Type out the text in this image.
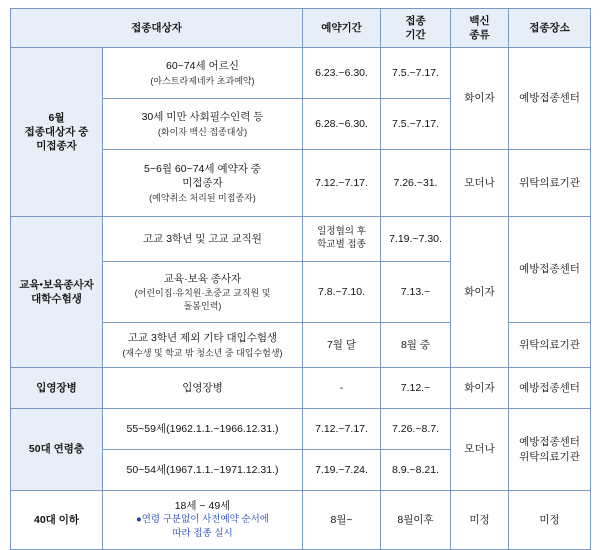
접종대상자		예약기간	접종
기간	백신
종류	접종장소

6월
접종대상자 중
미접종자	60~74세 어르신
(아스트라제네카 초과예약)	6.23.~6.30.	7.5.~7.17.	화이자	예방접종센터

	30세 미만 사회필수인력 등
(화이자 백신 접종대상)	6.28.~6.30.	7.5.~7.17.		

	5~6월 60~74세 예약자 중
미접종자
(예약취소 처리된 미접종자)	7.12.~7.17.	7.26.~31.	모더나	위탁의료기관

교육‧보육종사자
대학수험생	고교 3학년 및 고교 교직원	일정협의 후
학교별 접종	7.19.~7.30.	화이자	예방접종센터

	교육·보육 종사자
(어린이집·유치원·초중교 교직원 및
돌봄인력)	7.8.~7.10.	7.13.~		

	고교 3학년 제외 기타 대입수험생
(재수생 및 학교 밖 청소년 중 대입수험생)	7월 달	8월 중		위탁의료기관

입영장병	입영장병	-	7.12.~	화이자	예방접종센터

50대 연령층	55~59세(1962.1.1.~1966.12.31.)	7.12.~7.17.	7.26.~8.7.	모더나	예방접종센터
위탁의료기관

	50~54세(1967.1.1.~1971.12.31.)	7.19.~7.24.	8.9.~8.21.		

40대 이하	18세 ~ 49세
●연령 구분없이 사전예약 순서에
따라 접종 실시	8월~	8월이후	미정	미정
